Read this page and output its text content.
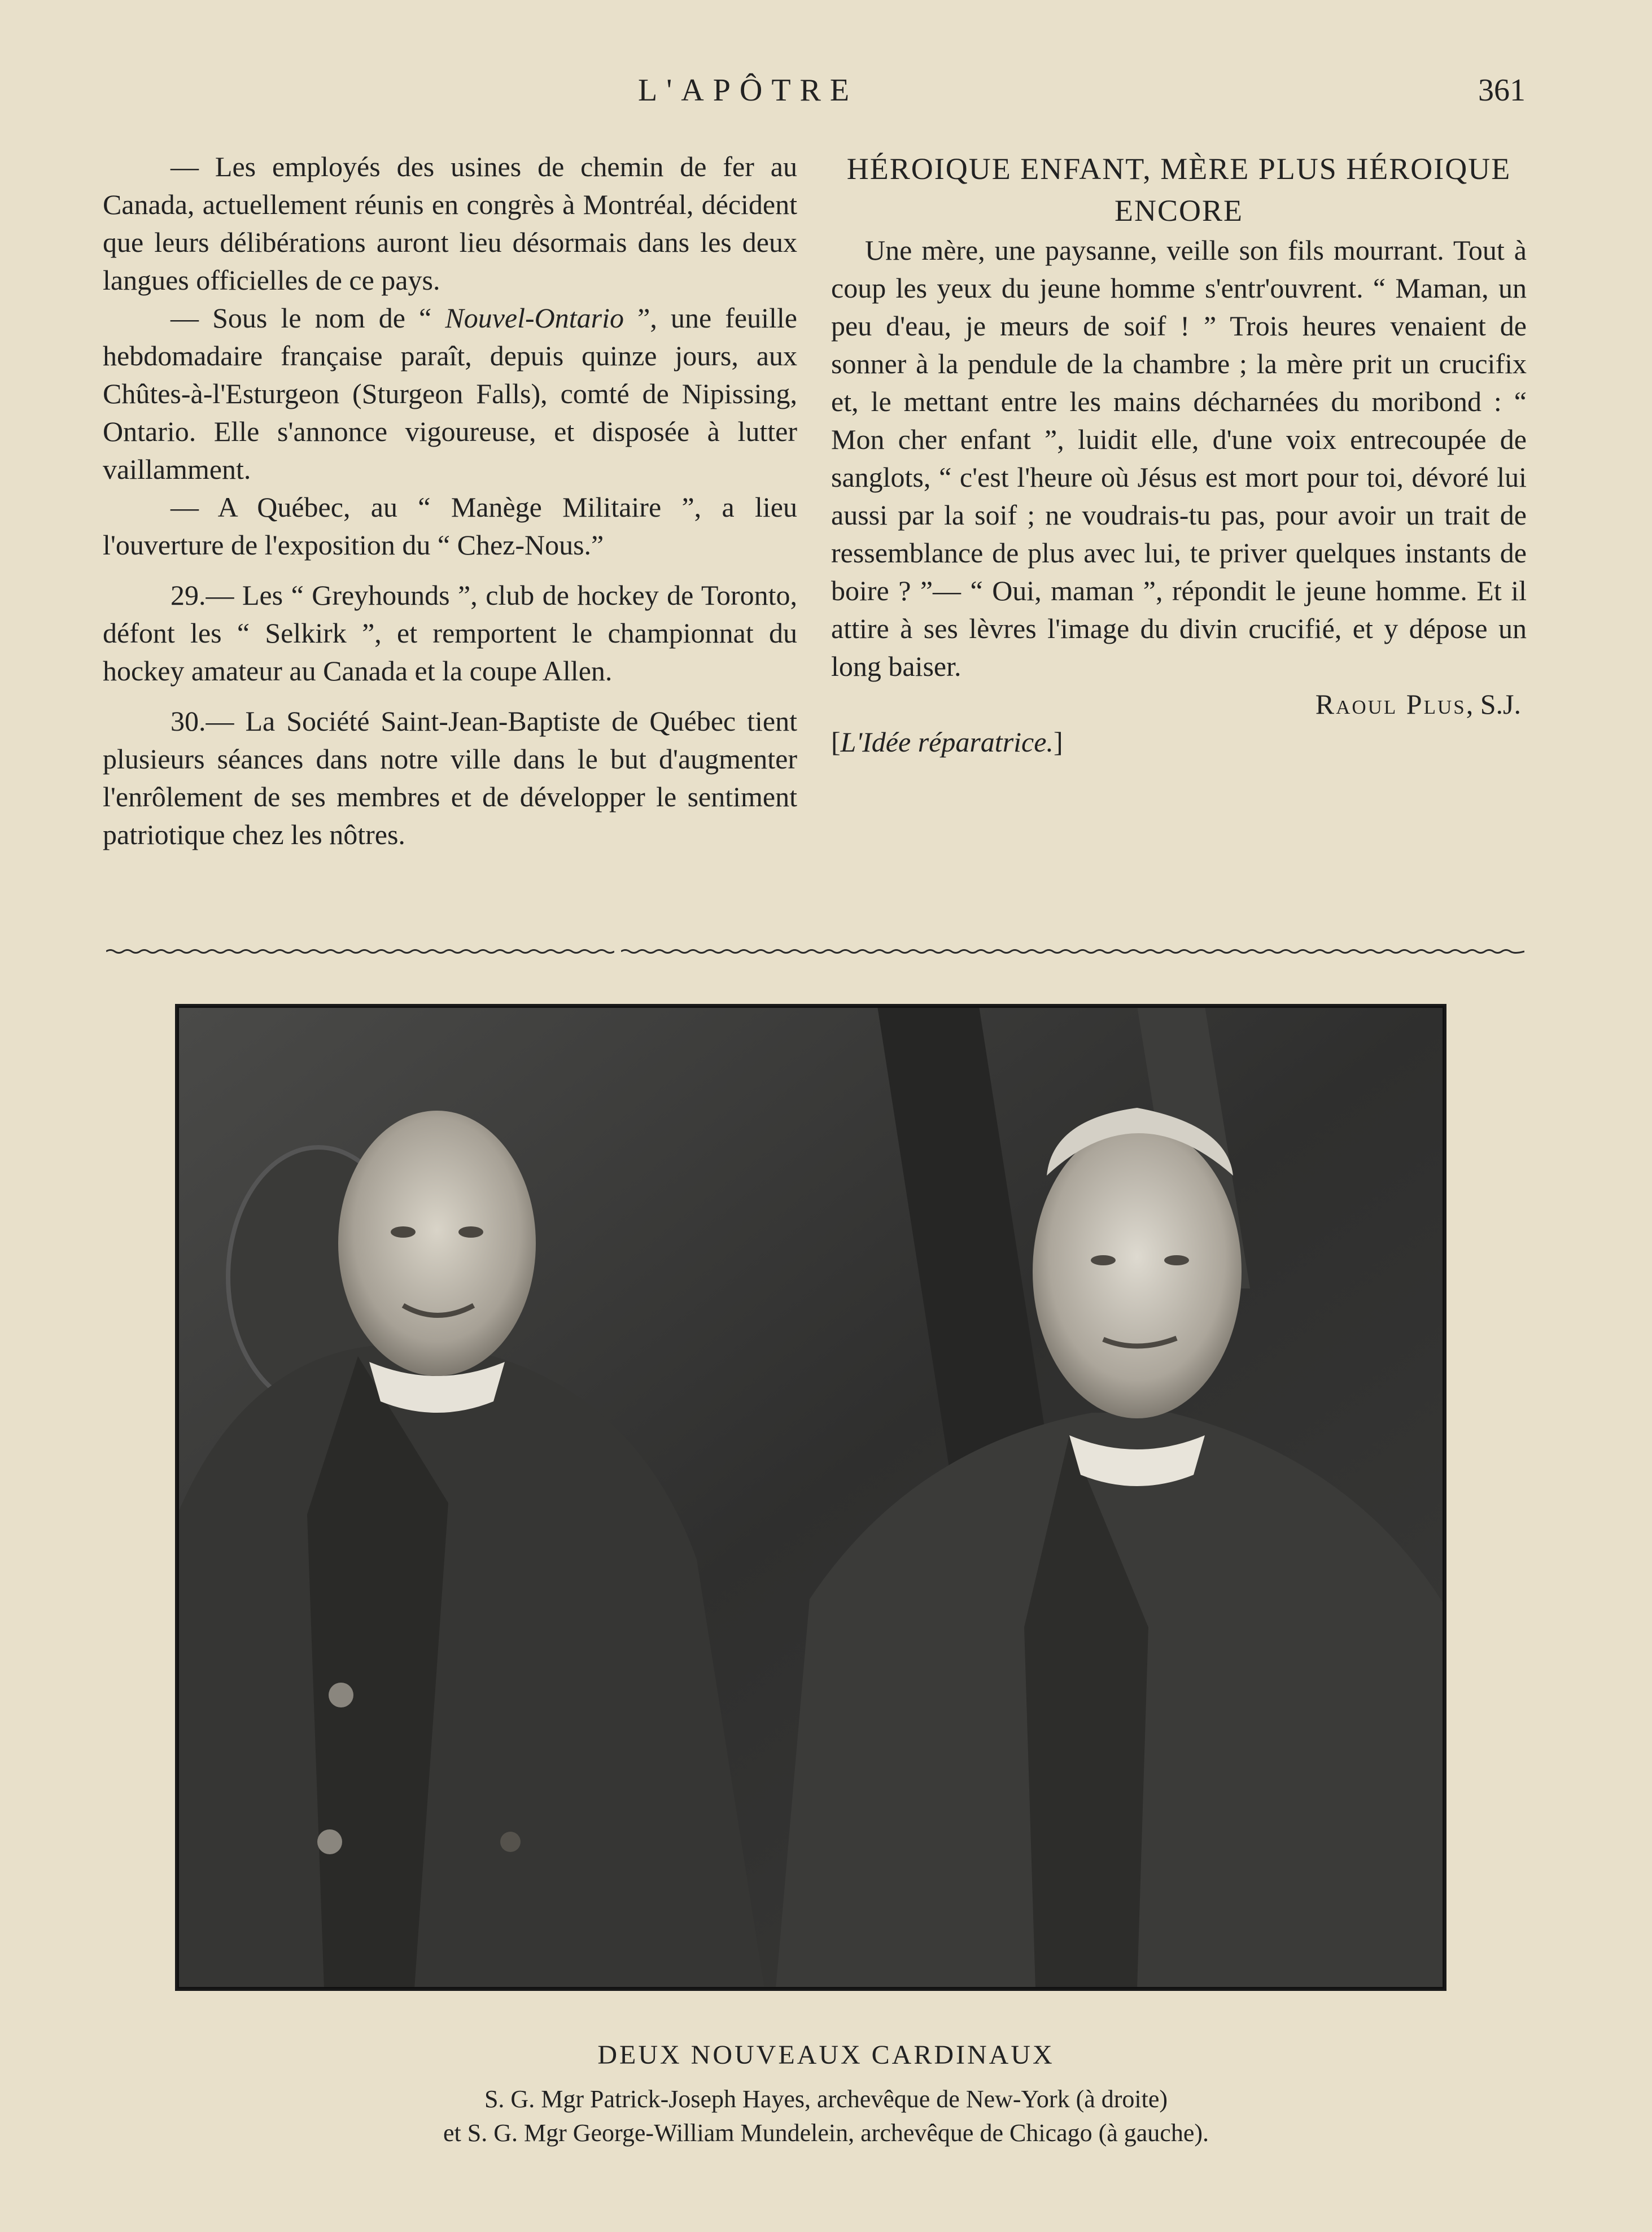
L'APÔTRE	361

— Les employés des usines de chemin de fer au Canada, actuellement réunis en congrès à Montréal, décident que leurs délibérations auront lieu désormais dans les deux langues officielles de ce pays.

— Sous le nom de “ Nouvel-Ontario ”, une feuille hebdomadaire française paraît, depuis quinze jours, aux Chûtes-à-l'Esturgeon (Sturgeon Falls), comté de Nipissing, Ontario. Elle s'annonce vigoureuse, et disposée à lutter vaillamment.

— A Québec, au “ Manège Militaire ”, a lieu l'ouverture de l'exposition du “ Chez-Nous.”

29.— Les “ Greyhounds ”, club de hockey de Toronto, défont les “ Selkirk ”, et remportent le championnat du hockey amateur au Canada et la coupe Allen.

30.— La Société Saint-Jean-Baptiste de Québec tient plusieurs séances dans notre ville dans le but d'augmenter l'enrôlement de ses membres et de développer le sentiment patriotique chez les nôtres.

HÉROIQUE ENFANT, MÈRE PLUS HÉROIQUE ENCORE

Une mère, une paysanne, veille son fils mourrant. Tout à coup les yeux du jeune homme s'entr'ouvrent. “ Maman, un peu d'eau, je meurs de soif ! ” Trois heures venaient de sonner à la pendule de la chambre ; la mère prit un crucifix et, le mettant entre les mains décharnées du moribond : “ Mon cher enfant ”, luidit elle, d'une voix entrecoupée de sanglots, “ c'est l'heure où Jésus est mort pour toi, dévoré lui aussi par la soif ; ne voudrais-tu pas, pour avoir un trait de ressemblance de plus avec lui, te priver quelques instants de boire ? ”— “ Oui, maman ”, répondit le jeune homme. Et il attire à ses lèvres l'image du divin crucifié, et y dépose un long baiser.

Raoul Plus, S.J.

[L'Idée réparatrice.]

DEUX NOUVEAUX CARDINAUX
S. G. Mgr Patrick-Joseph Hayes, archevêque de New-York (à droite)
et S. G. Mgr George-William Mundelein, archevêque de Chicago (à gauche).
